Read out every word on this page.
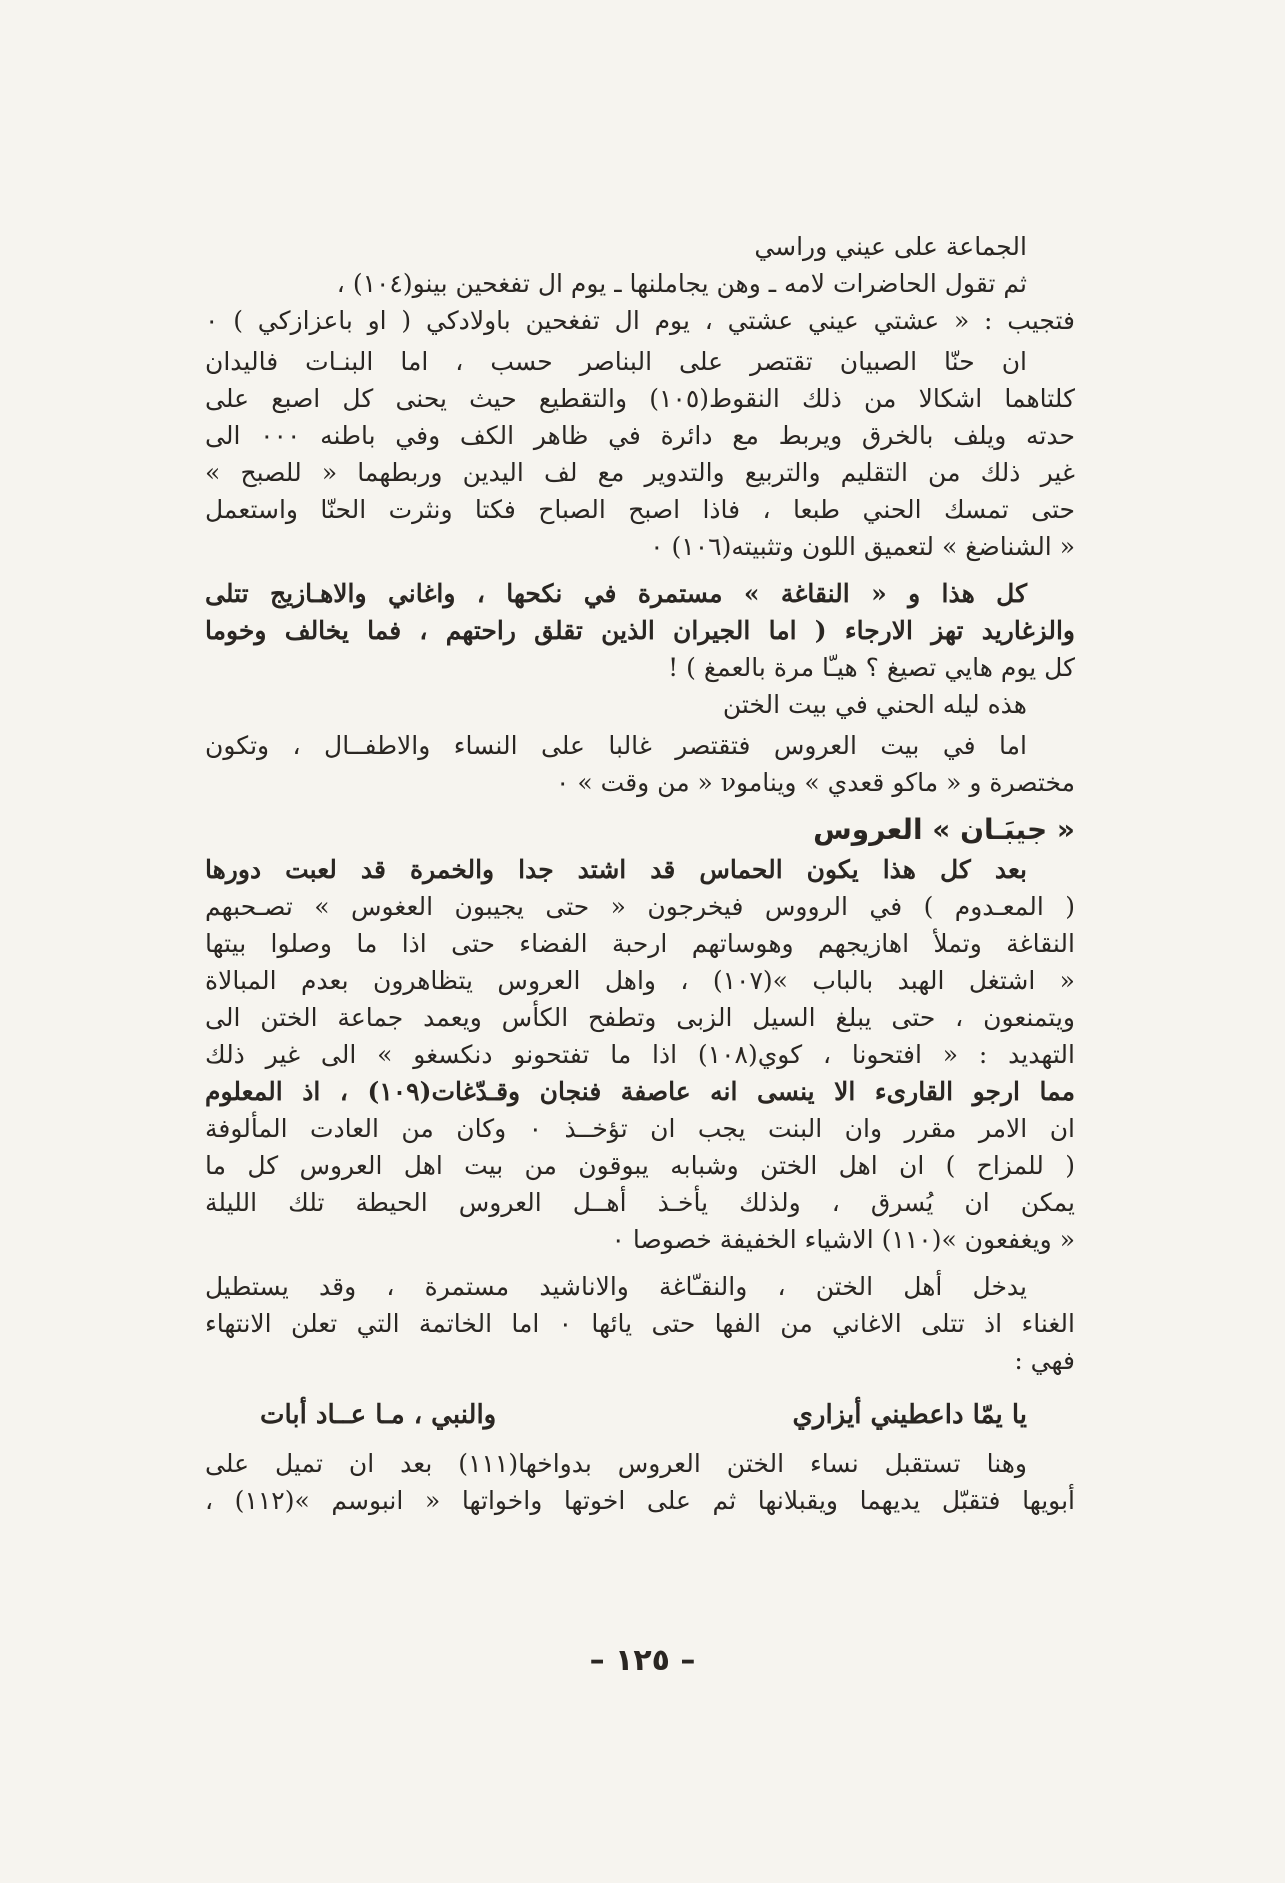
الجماعة على عيني وراسي

ثم تقول الحاضرات لامه ـ وهن يجاملنها ـ يوم ال تفغحين بينو(١٠٤) ،

فتجيب : « عشتي عيني عشتي ، يوم ال تفغحين باولادكي ( او باعزازكي ) ٠

ان حنّا الصبيان تقتصر على البناصر حسب ، اما البنـات فاليدان

كلتاهما اشكالا من ذلك النقوط(١٠٥) والتقطيع حيث يحنى كل اصبع على

حدته ويلف بالخرق ويربط مع دائرة في ظاهر الكف وفي باطنه ٠٠٠ الى

غير ذلك من التقليم والتربيع والتدوير مع لف اليدين وربطهما « للصبح »

حتى تمسك الحني طبعا ، فاذا اصبح الصباح فكتا ونثرت الحنّا واستعمل

« الشناضغ » لتعميق اللون وتثبيته(١٠٦) ٠

كل هذا و « النقاغة » مستمرة في نكحها ، واغاني والاهـازيج تتلى

والزغاريد تهز الارجاء ( اما الجيران الذين تقلق راحتهم ، فما يخالف وخوما

كل يوم هايي تصيغ ؟ هيـّا مرة بالعمغ ) !

هذه ليله الحني في بيت الختن

اما في بيت العروس فتقتصر غالبا على النساء والاطفــال ، وتكون

مختصرة و « ماكو قعدي » ويناموν « من وقت » ٠

« جيبَـان » العروس

بعد كل هذا يكون الحماس قد اشتد جدا والخمرة قد لعبت دورها

( المعـدوم ) في الرووس فيخرجون « حتى يجيبون العغوس » تصـحبهم

النقاغة وتملأ اهازيجهم وهوساتهم ارحبة الفضاء حتى اذا ما وصلوا بيتها

« اشتغل الهبد بالباب »(١٠٧) ، واهل العروس يتظاهرون بعدم المبالاة

ويتمنعون ، حتى يبلغ السيل الزبى وتطفح الكأس ويعمد جماعة الختن الى

التهديد : « افتحونا ، كوي(١٠٨) اذا ما تفتحونو دنكسغو » الى غير ذلك

مما ارجو القارىء الا ينسى انه عاصفة فنجان وقـدّغات(١٠٩) ، اذ المعلوم

ان الامر مقرر وان البنت يجب ان تؤخــذ ٠ وكان من العادت المألوفة

( للمزاح ) ان اهل الختن وشبابه يبوقون من بيت اهل العروس كل ما

يمكن ان يُسرق ، ولذلك يأخـذ أهــل العروس الحيطة تلك الليلة

« ويغفعون »(١١٠) الاشياء الخفيفة خصوصا ٠

يدخل أهل الختن ، والنقـّاغة والاناشيد مستمرة ، وقد يستطيل

الغناء اذ تتلى الاغاني من الفها حتى يائها ٠ اما الخاتمة التي تعلن الانتهاء

فهي :

يا يمّا داعطيني أيزاري
والنبي ، مـا عــاد أبات

وهنا تستقبل نساء الختن العروس بدواخها(١١١) بعد ان تميل على

أبويها فتقبّل يديهما ويقبلانها ثم على اخوتها واخواتها « انبوسم »(١١٢) ،

– ١٢٥ –
